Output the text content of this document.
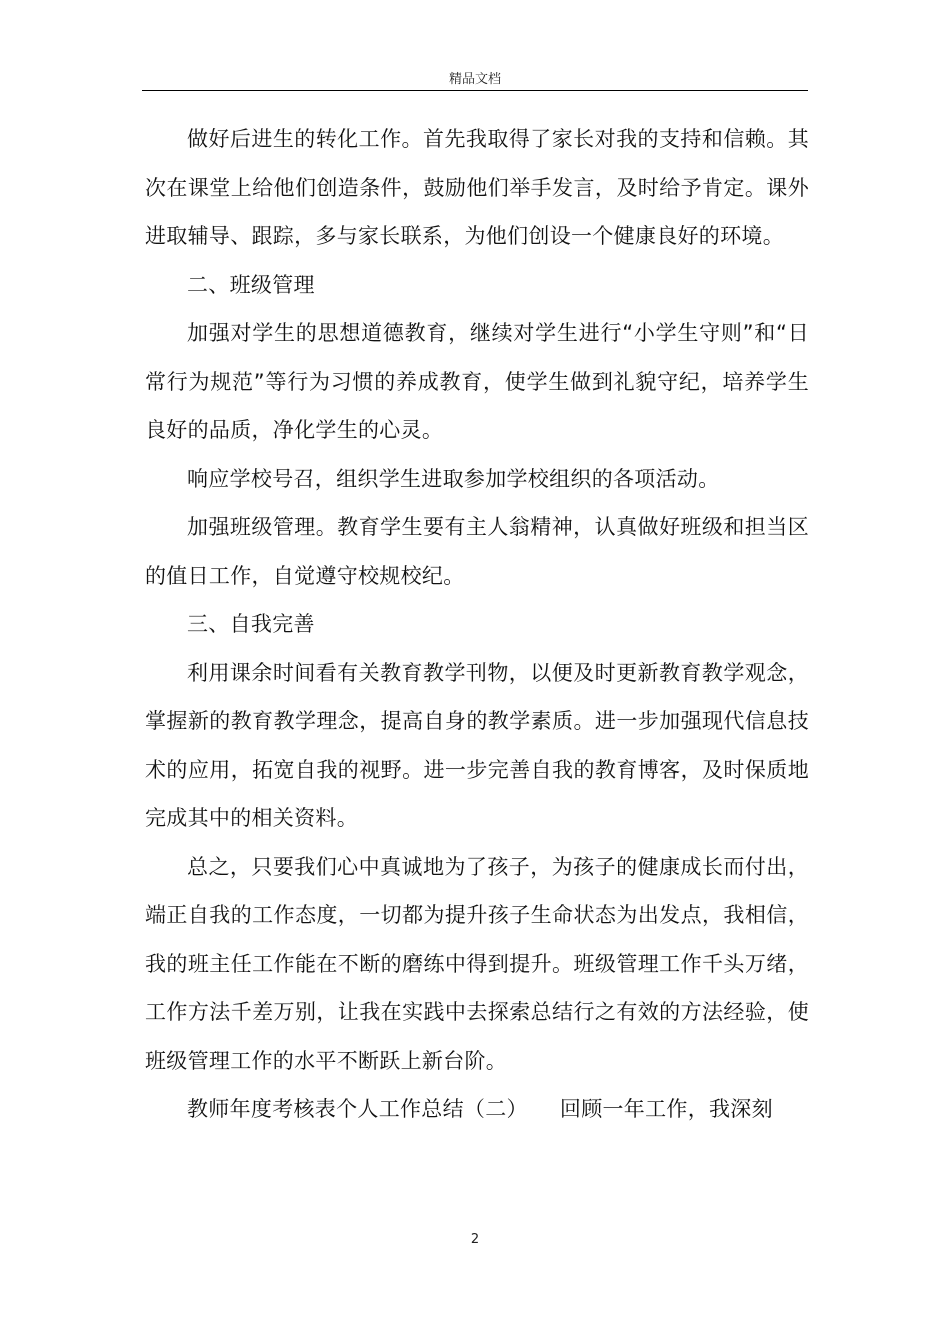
精品文档

做好后进生的转化工作。首先我取得了家长对我的支持和信赖。其次在课堂上给他们创造条件，鼓励他们举手发言，及时给予肯定。课外进取辅导、跟踪，多与家长联系，为他们创设一个健康良好的环境。

二、班级管理

加强对学生的思想道德教育，继续对学生进行“小学生守则”和“日常行为规范”等行为习惯的养成教育，使学生做到礼貌守纪，培养学生良好的品质，净化学生的心灵。

响应学校号召，组织学生进取参加学校组织的各项活动。

加强班级管理。教育学生要有主人翁精神，认真做好班级和担当区的值日工作，自觉遵守校规校纪。

三、自我完善

利用课余时间看有关教育教学刊物，以便及时更新教育教学观念，掌握新的教育教学理念，提高自身的教学素质。进一步加强现代信息技术的应用，拓宽自我的视野。进一步完善自我的教育博客，及时保质地完成其中的相关资料。

总之，只要我们心中真诚地为了孩子，为孩子的健康成长而付出，端正自我的工作态度，一切都为提升孩子生命状态为出发点，我相信，我的班主任工作能在不断的磨练中得到提升。班级管理工作千头万绪，工作方法千差万别，让我在实践中去探索总结行之有效的方法经验，使班级管理工作的水平不断跃上新台阶。

教师年度考核表个人工作总结（二）　　回顾一年工作，我深刻

2
